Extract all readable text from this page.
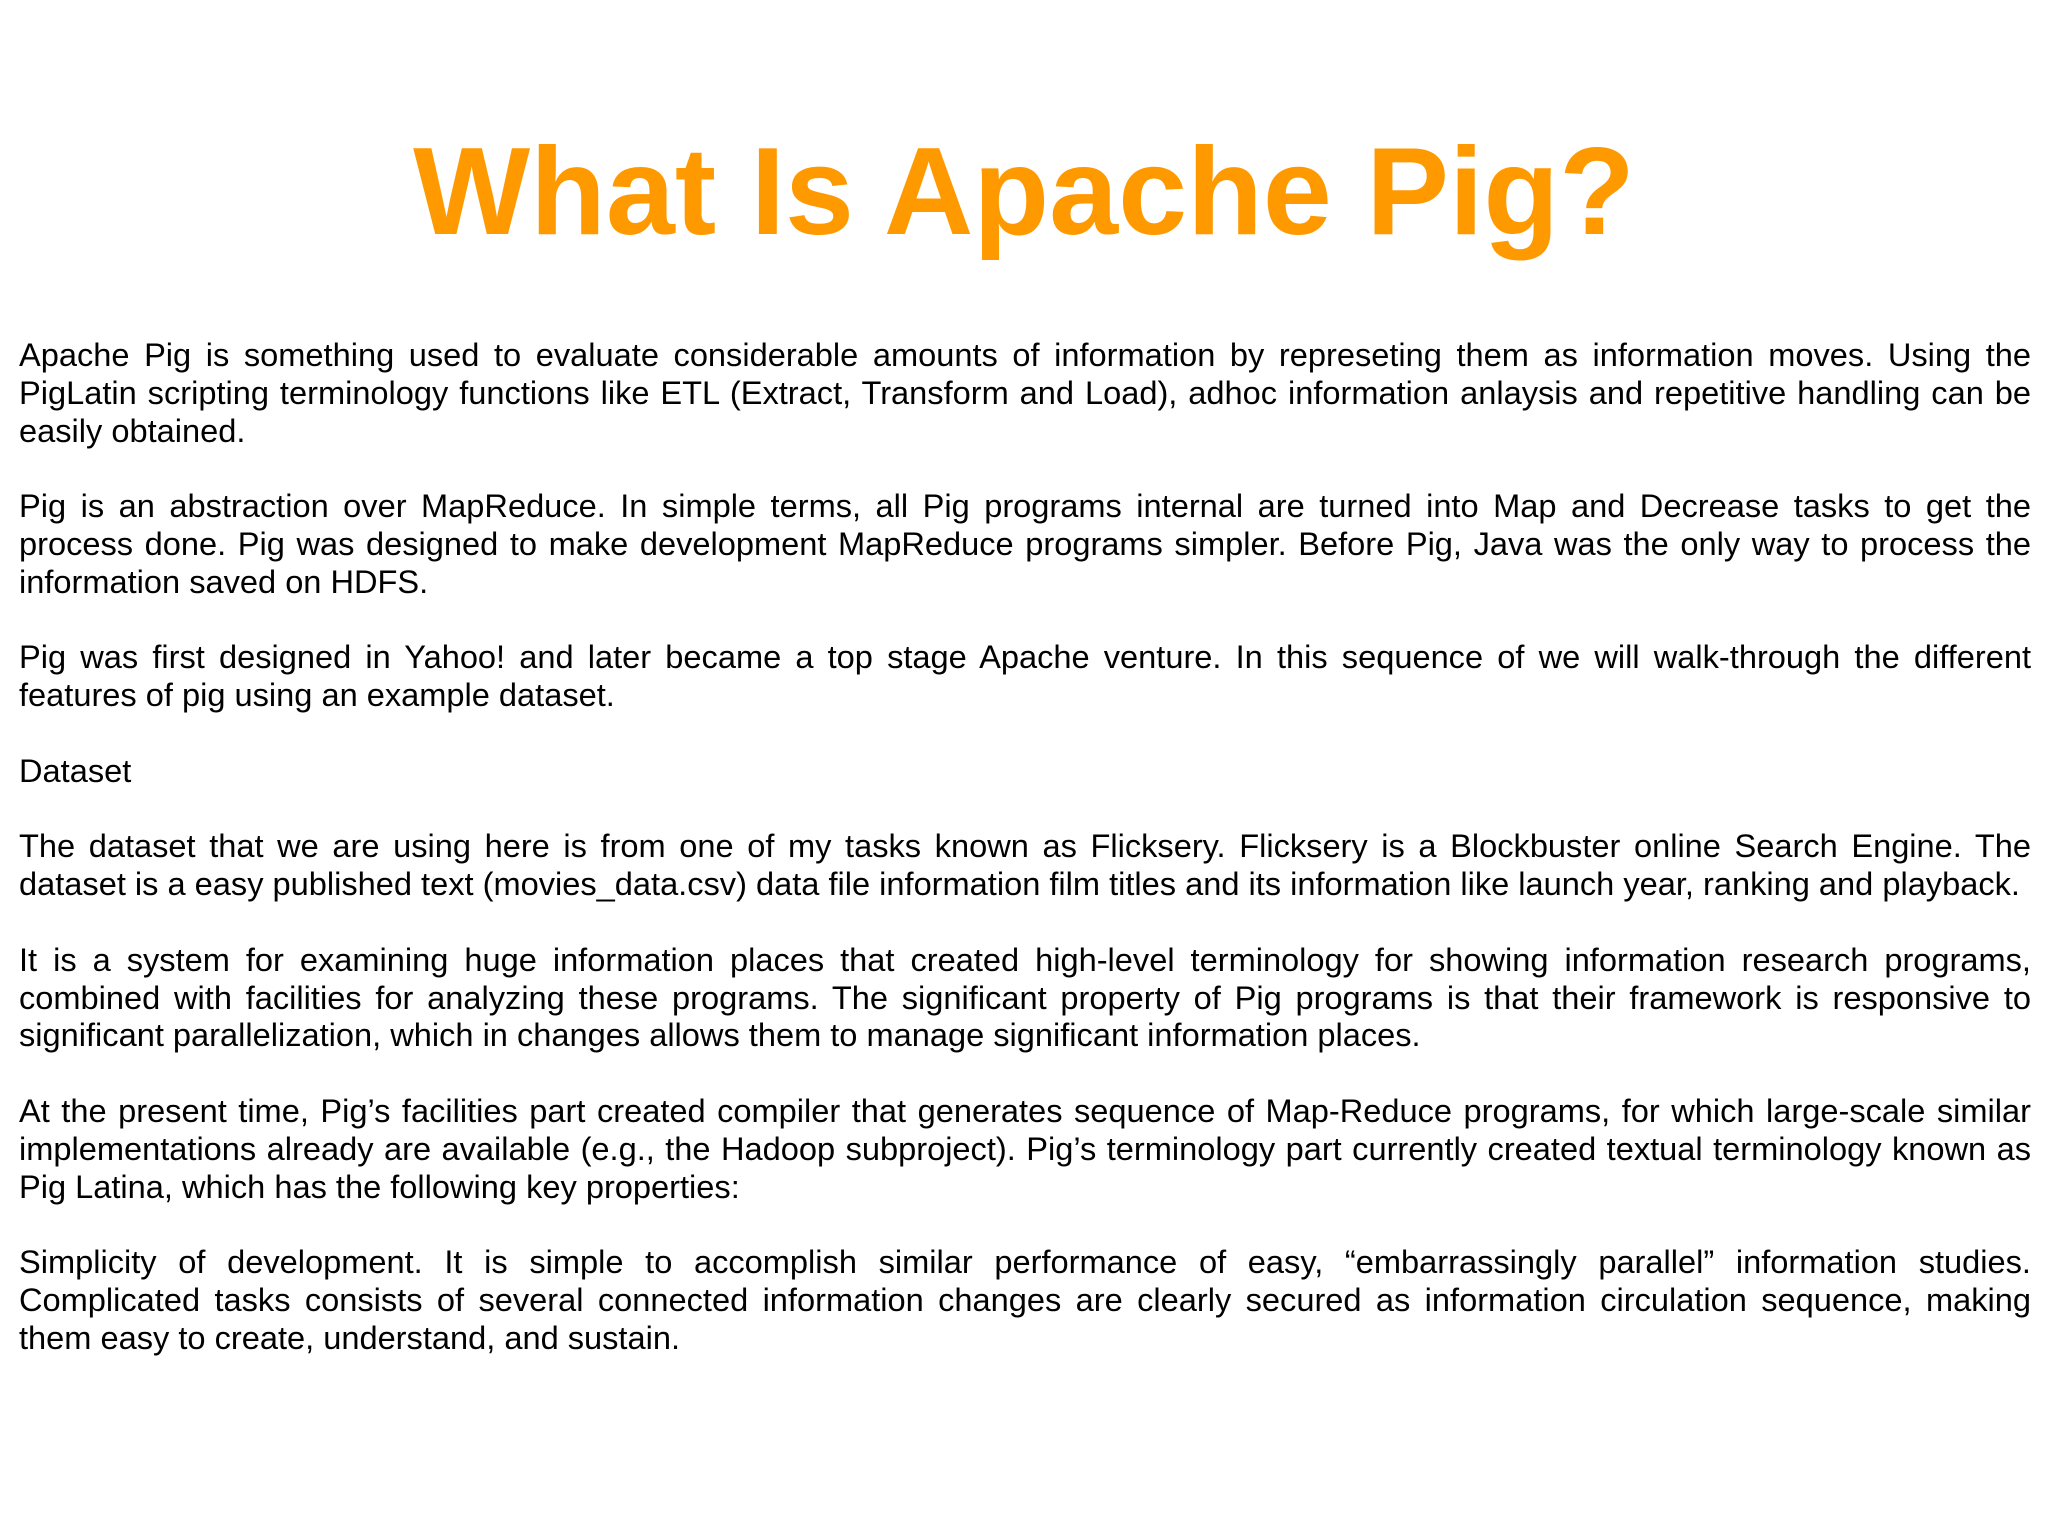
What Is Apache Pig?

Apache Pig is something used to evaluate considerable amounts of information by represeting them as information moves. Using the PigLatin scripting terminology functions like ETL (Extract, Transform and Load), adhoc information anlaysis and repetitive handling can be easily obtained.

Pig is an abstraction over MapReduce. In simple terms, all Pig programs internal are turned into Map and Decrease tasks to get the process done. Pig was designed to make development MapReduce programs simpler. Before Pig, Java was the only way to process the information saved on HDFS.

Pig was first designed in Yahoo! and later became a top stage Apache venture. In this sequence of we will walk-through the different features of pig using an example dataset.

Dataset

The dataset that we are using here is from one of my tasks known as Flicksery. Flicksery is a Blockbuster online Search Engine. The dataset is a easy published text (movies_data.csv) data file information film titles and its information like launch year, ranking and playback.

It is a system for examining huge information places that created high-level terminology for showing information research programs, combined with facilities for analyzing these programs. The significant property of Pig programs is that their framework is responsive to significant parallelization, which in changes allows them to manage significant information places.

At the present time, Pig’s facilities part created compiler that generates sequence of Map-Reduce programs, for which large-scale similar implementations already are available (e.g., the Hadoop subproject). Pig’s terminology part currently created textual terminology known as Pig Latina, which has the following key properties:

Simplicity of development. It is simple to accomplish similar performance of easy, “embarrassingly parallel” information studies. Complicated tasks consists of several connected information changes are clearly secured as information circulation sequence, making them easy to create, understand, and sustain.
